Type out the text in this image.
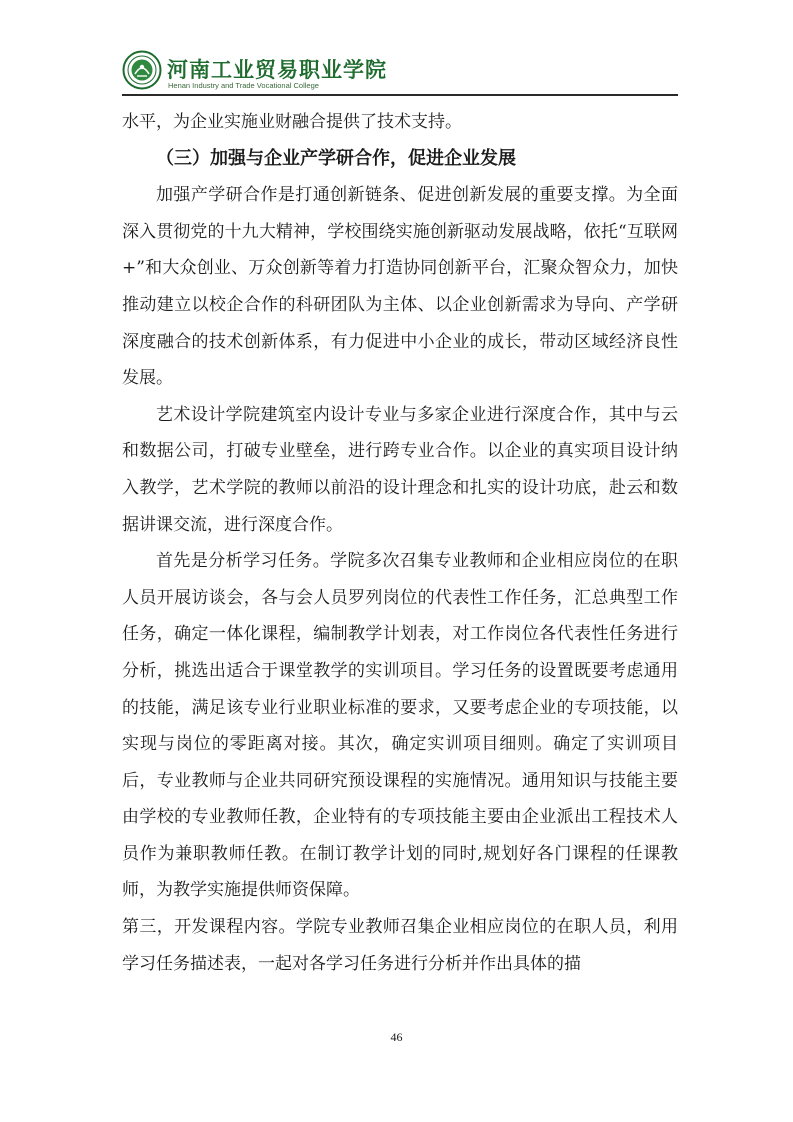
河南工业贸易职业学院
Henan Industry and Trade Vocational College

水平，为企业实施业财融合提供了技术支持。

（三）加强与企业产学研合作，促进企业发展

加强产学研合作是打通创新链条、促进创新发展的重要支撑。为全面深入贯彻党的十九大精神，学校围绕实施创新驱动发展战略，依托“互联网+”和大众创业、万众创新等着力打造协同创新平台，汇聚众智众力，加快推动建立以校企合作的科研团队为主体、以企业创新需求为导向、产学研深度融合的技术创新体系，有力促进中小企业的成长，带动区域经济良性发展。

艺术设计学院建筑室内设计专业与多家企业进行深度合作，其中与云和数据公司，打破专业壁垒，进行跨专业合作。以企业的真实项目设计纳入教学，艺术学院的教师以前沿的设计理念和扎实的设计功底，赴云和数据讲课交流，进行深度合作。

首先是分析学习任务。学院多次召集专业教师和企业相应岗位的在职人员开展访谈会，各与会人员罗列岗位的代表性工作任务，汇总典型工作任务，确定一体化课程，编制教学计划表，对工作岗位各代表性任务进行分析，挑选出适合于课堂教学的实训项目。学习任务的设置既要考虑通用的技能，满足该专业行业职业标准的要求，又要考虑企业的专项技能，以实现与岗位的零距离对接。其次，确定实训项目细则。确定了实训项目后，专业教师与企业共同研究预设课程的实施情况。通用知识与技能主要由学校的专业教师任教，企业特有的专项技能主要由企业派出工程技术人员作为兼职教师任教。在制订教学计划的同时,规划好各门课程的任课教师，为教学实施提供师资保障。

第三，开发课程内容。学院专业教师召集企业相应岗位的在职人员，利用学习任务描述表，一起对各学习任务进行分析并作出具体的描

46
